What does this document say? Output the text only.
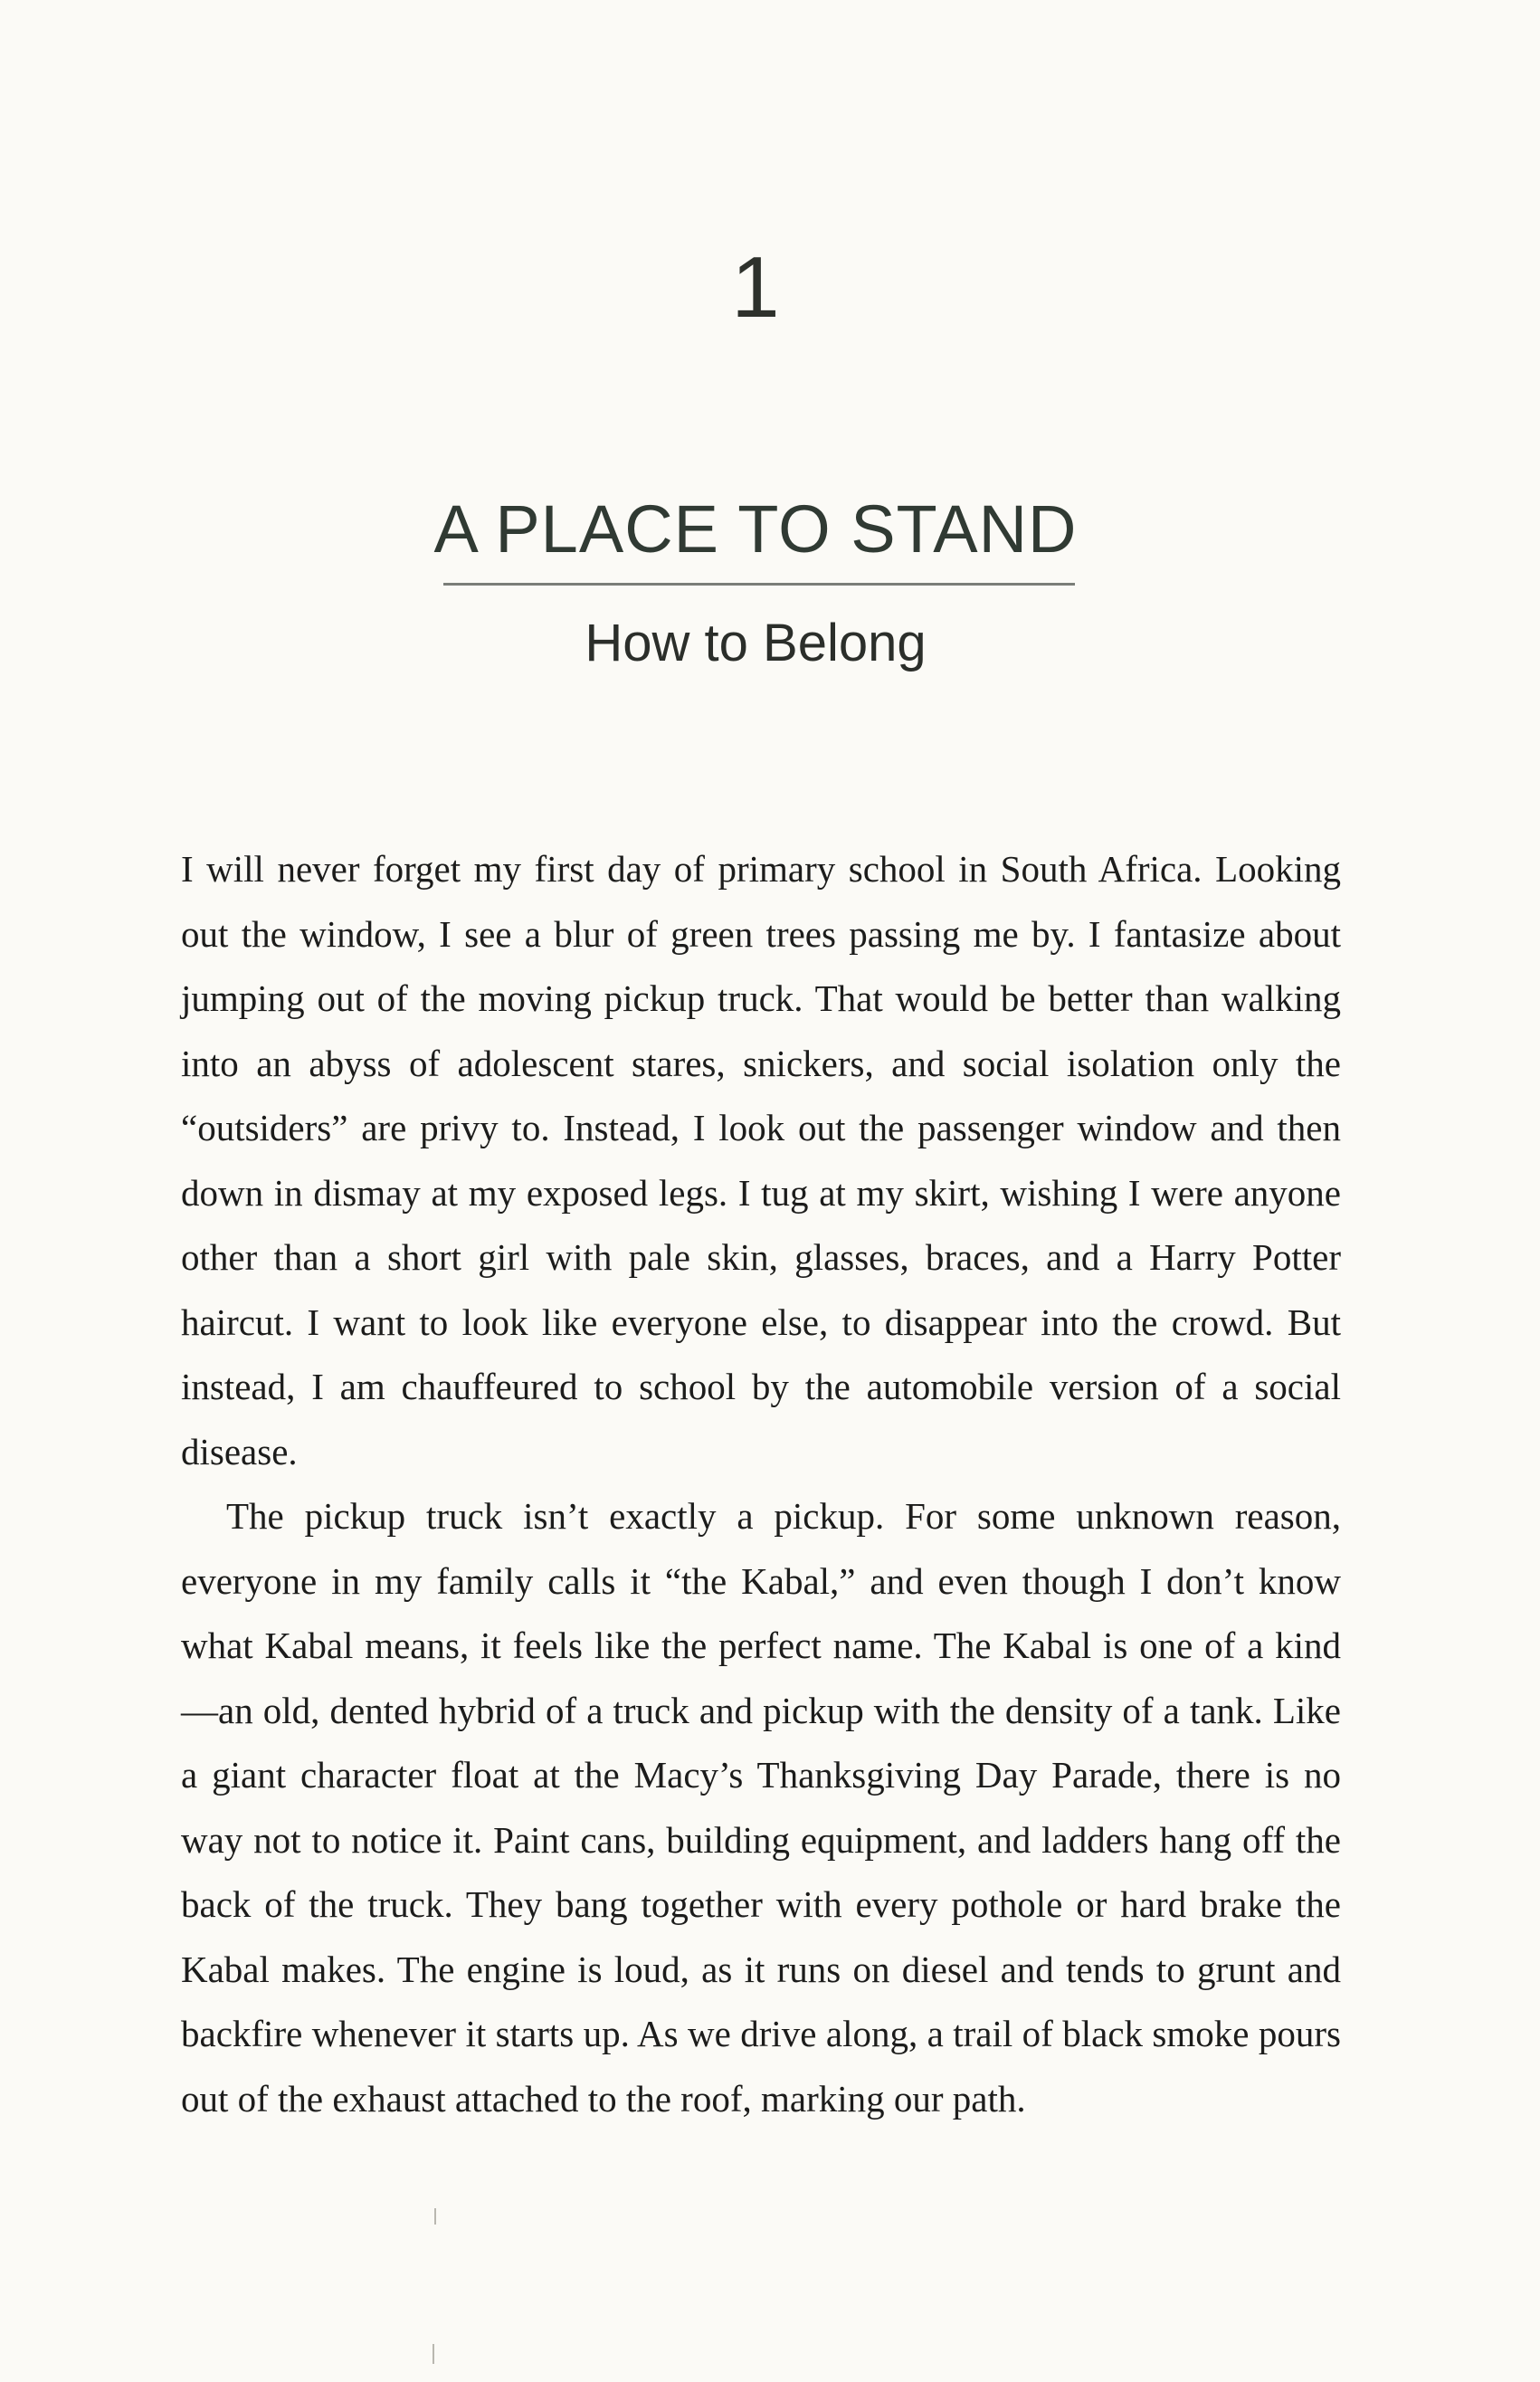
1
A PLACE TO STAND
How to Belong

I will never forget my first day of primary school in South Africa. Looking out the window, I see a blur of green trees passing me by. I fantasize about jumping out of the moving pickup truck. That would be better than walking into an abyss of adolescent stares, snickers, and social isolation only the “outsiders” are privy to. Instead, I look out the passenger window and then down in dismay at my exposed legs. I tug at my skirt, wishing I were anyone other than a short girl with pale skin, glasses, braces, and a Harry Potter haircut. I want to look like everyone else, to disappear into the crowd. But instead, I am chauffeured to school by the automobile version of a social disease.

The pickup truck isn’t exactly a pickup. For some unknown reason, everyone in my family calls it “the Kabal,” and even though I don’t know what Kabal means, it feels like the perfect name. The Kabal is one of a kind—an old, dented hybrid of a truck and pickup with the density of a tank. Like a giant character float at the Macy’s Thanksgiving Day Parade, there is no way not to notice it. Paint cans, building equipment, and ladders hang off the back of the truck. They bang together with every pothole or hard brake the Kabal makes. The engine is loud, as it runs on diesel and tends to grunt and backfire whenever it starts up. As we drive along, a trail of black smoke pours out of the exhaust attached to the roof, marking our path.
